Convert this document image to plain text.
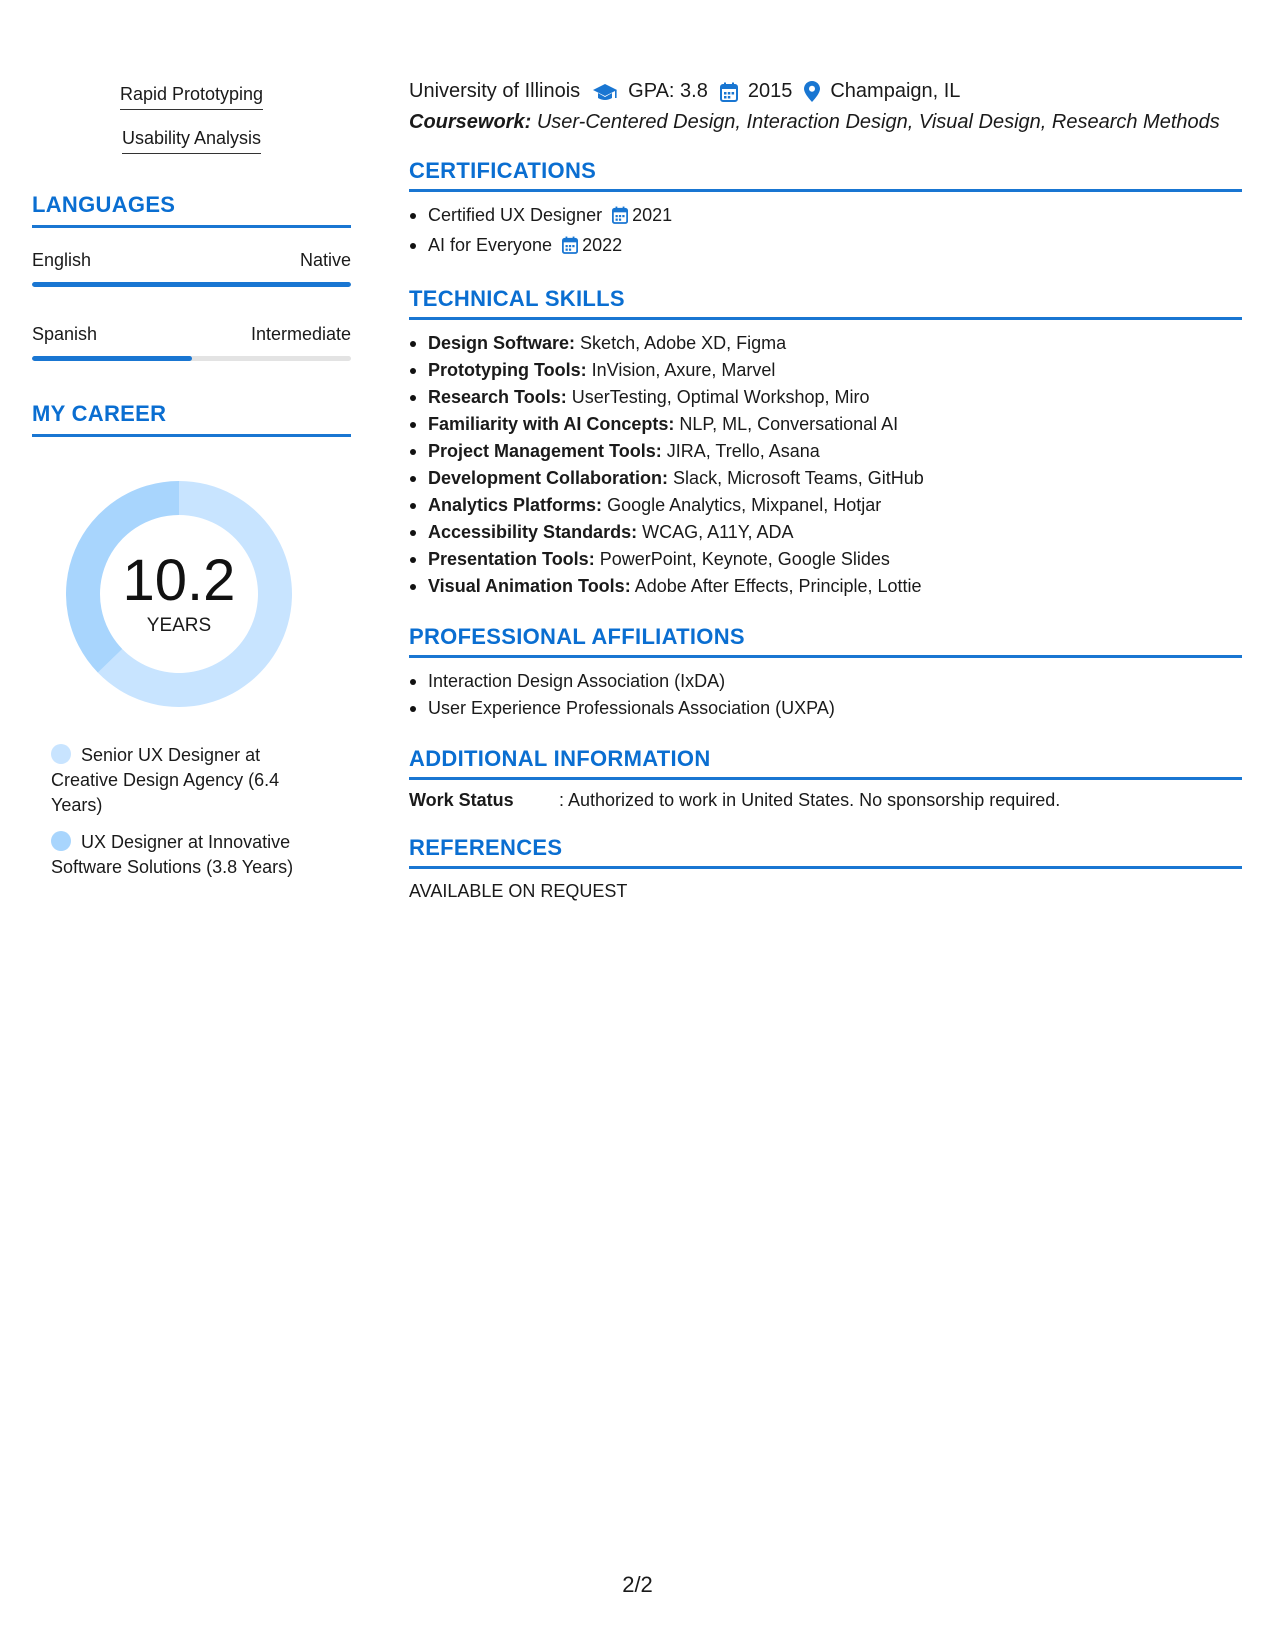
Rapid Prototyping
Usability Analysis
LANGUAGES
English	Native
Spanish	Intermediate
MY CAREER
10.2
YEARS
Senior UX Designer at Creative Design Agency (6.4 Years)
UX Designer at Innovative Software Solutions (3.8 Years)
University of Illinois GPA: 3.8 2015 Champaign, IL
Coursework: User-Centered Design, Interaction Design, Visual Design, Research Methods
CERTIFICATIONS
Certified UX Designer 2021
AI for Everyone 2022
TECHNICAL SKILLS
Design Software: Sketch, Adobe XD, Figma
Prototyping Tools: InVision, Axure, Marvel
Research Tools: UserTesting, Optimal Workshop, Miro
Familiarity with AI Concepts: NLP, ML, Conversational AI
Project Management Tools: JIRA, Trello, Asana
Development Collaboration: Slack, Microsoft Teams, GitHub
Analytics Platforms: Google Analytics, Mixpanel, Hotjar
Accessibility Standards: WCAG, A11Y, ADA
Presentation Tools: PowerPoint, Keynote, Google Slides
Visual Animation Tools: Adobe After Effects, Principle, Lottie
PROFESSIONAL AFFILIATIONS
Interaction Design Association (IxDA)
User Experience Professionals Association (UXPA)
ADDITIONAL INFORMATION
Work Status	: Authorized to work in United States. No sponsorship required.
REFERENCES
AVAILABLE ON REQUEST
2/2
